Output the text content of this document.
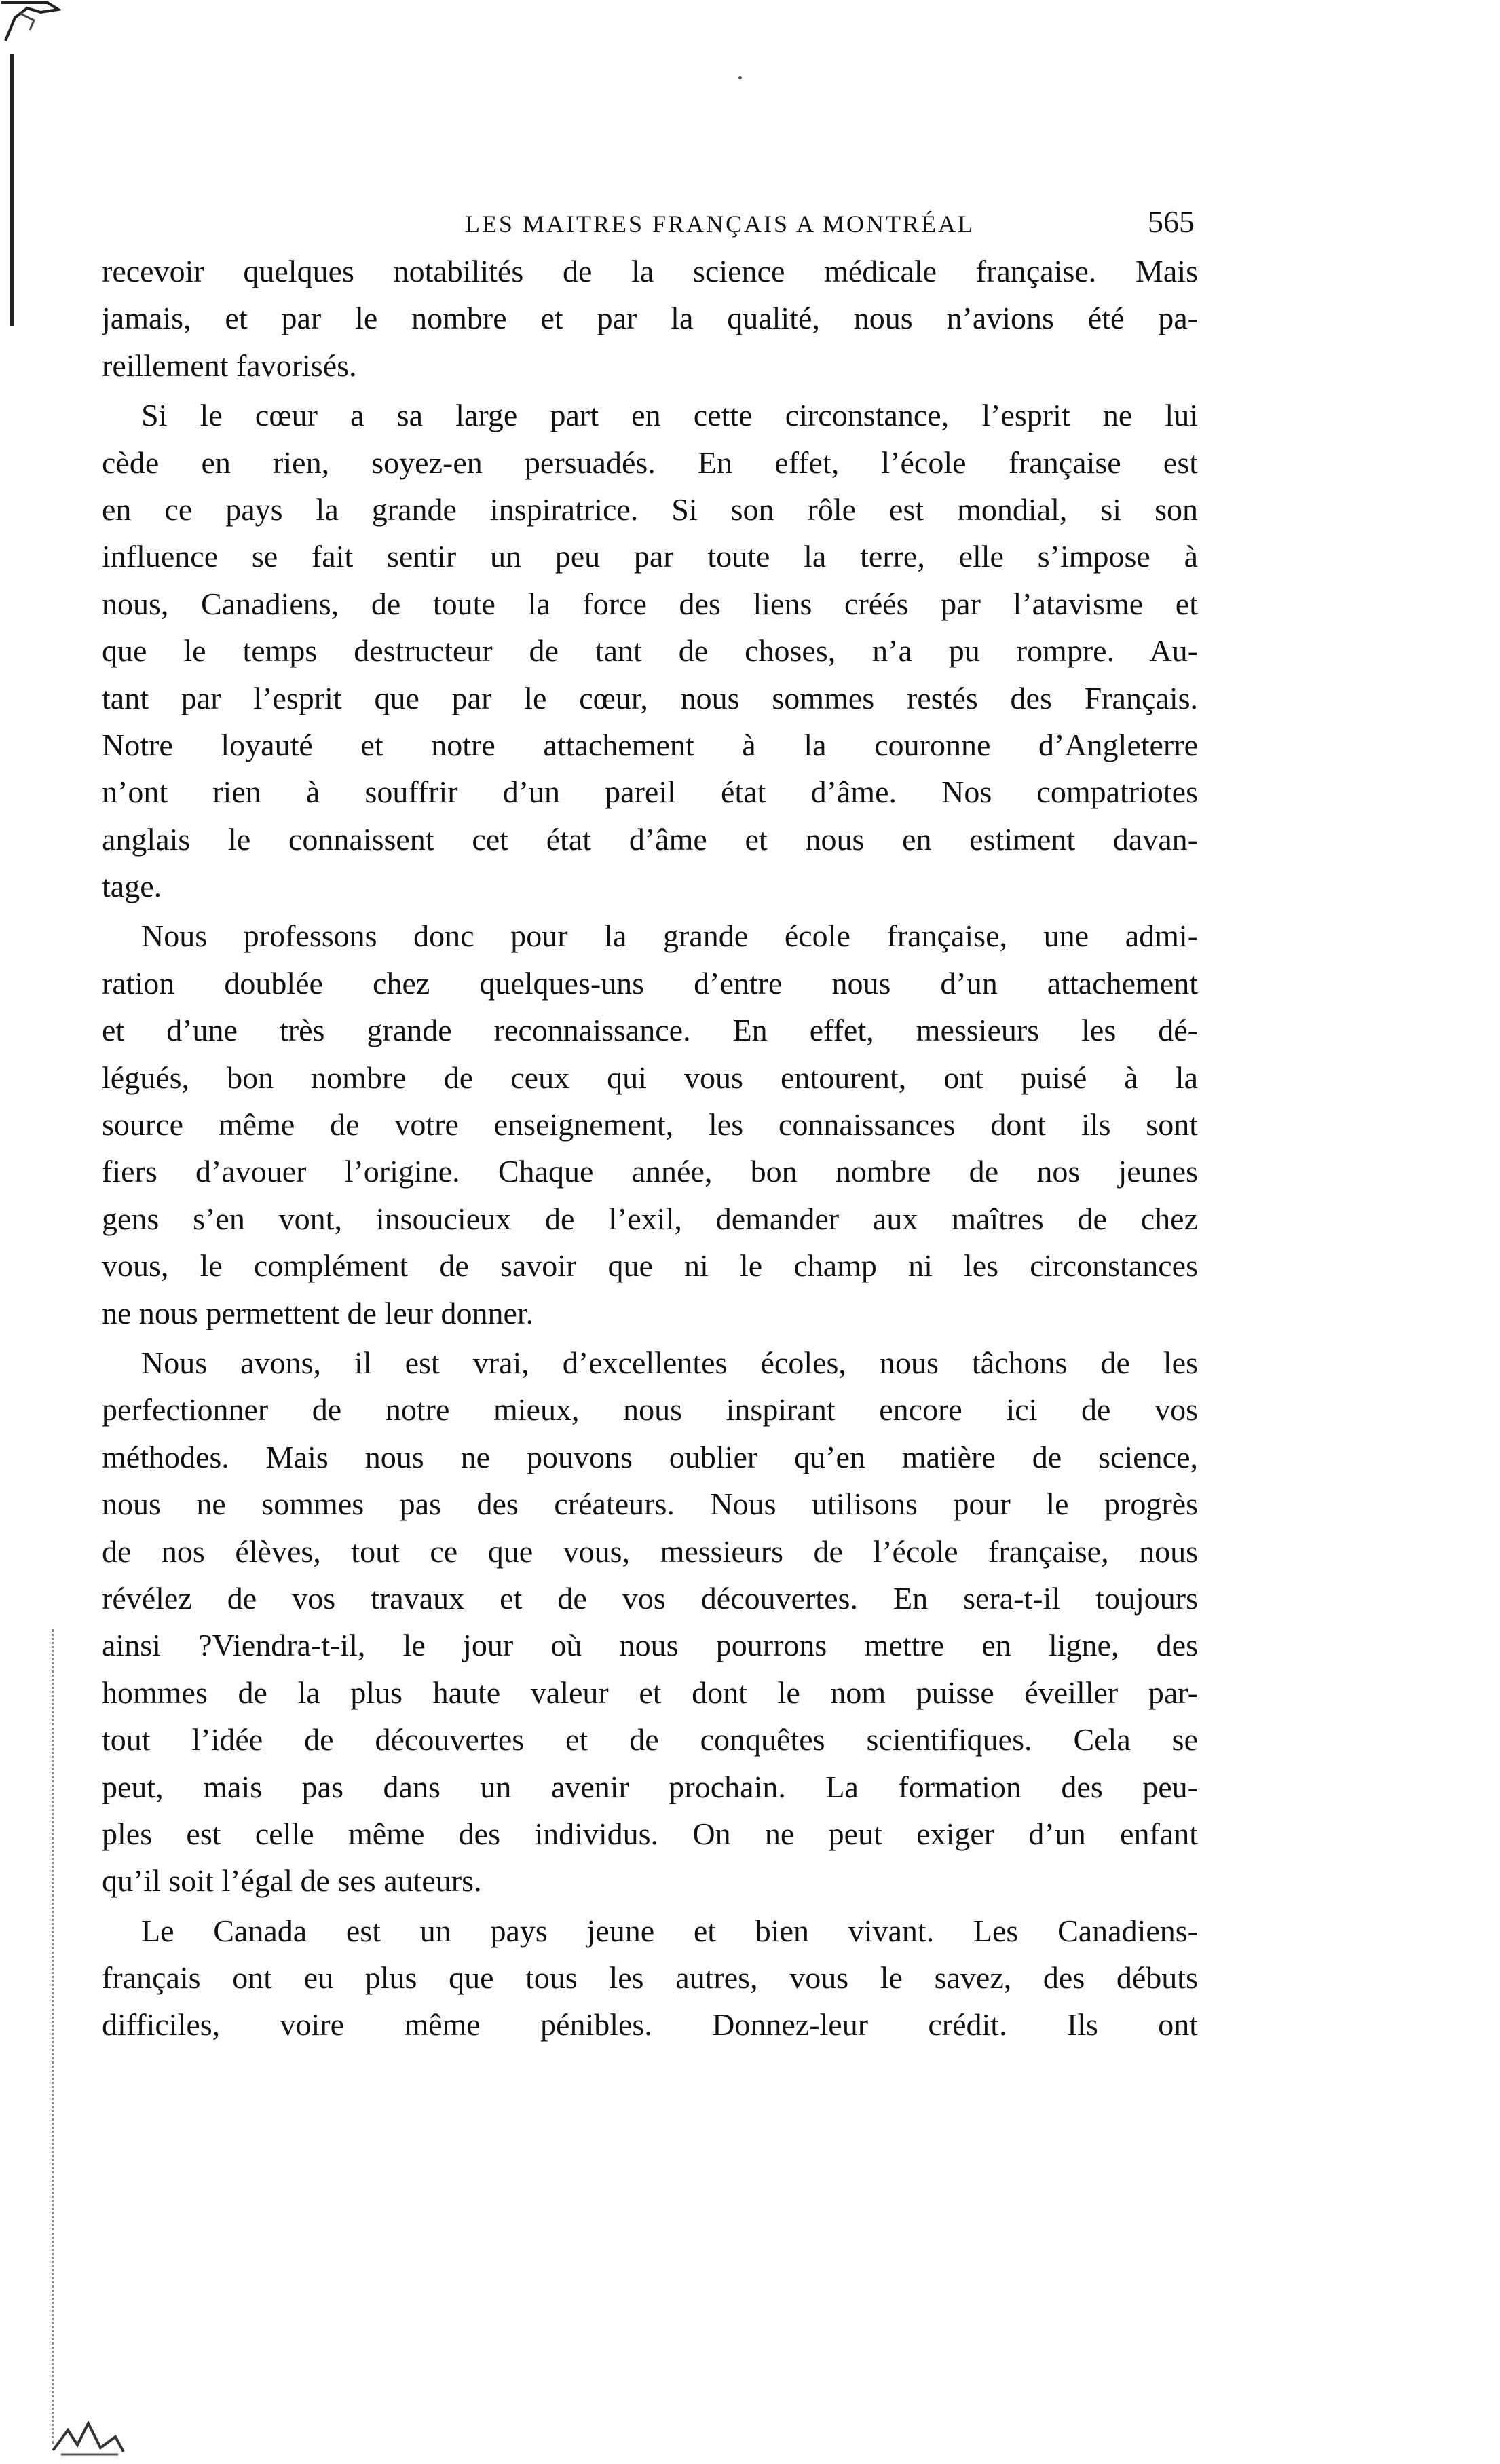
LES MAITRES FRANÇAIS A MONTRÉAL	565
recevoir quelques notabilités de la science médicale française. Mais
jamais, et par le nombre et par la qualité, nous n’avions été pa-
reillement favorisés.
Si le cœur a sa large part en cette circonstance, l’esprit ne lui
cède en rien, soyez-en persuadés. En effet, l’école française est
en ce pays la grande inspiratrice. Si son rôle est mondial, si son
influence se fait sentir un peu par toute la terre, elle s’impose à
nous, Canadiens, de toute la force des liens créés par l’atavisme et
que le temps destructeur de tant de choses, n’a pu rompre. Au-
tant par l’esprit que par le cœur, nous sommes restés des Français.
Notre loyauté et notre attachement à la couronne d’Angleterre
n’ont rien à souffrir d’un pareil état d’âme. Nos compatriotes
anglais le connaissent cet état d’âme et nous en estiment davan-
tage.
Nous professons donc pour la grande école française, une admi-
ration doublée chez quelques-uns d’entre nous d’un attachement
et d’une très grande reconnaissance. En effet, messieurs les dé-
légués, bon nombre de ceux qui vous entourent, ont puisé à la
source même de votre enseignement, les connaissances dont ils sont
fiers d’avouer l’origine. Chaque année, bon nombre de nos jeunes
gens s’en vont, insoucieux de l’exil, demander aux maîtres de chez
vous, le complément de savoir que ni le champ ni les circonstances
ne nous permettent de leur donner.
Nous avons, il est vrai, d’excellentes écoles, nous tâchons de les
perfectionner de notre mieux, nous inspirant encore ici de vos
méthodes. Mais nous ne pouvons oublier qu’en matière de science,
nous ne sommes pas des créateurs. Nous utilisons pour le progrès
de nos élèves, tout ce que vous, messieurs de l’école française, nous
révélez de vos travaux et de vos découvertes. En sera-t-il toujours
ainsi ?Viendra-t-il, le jour où nous pourrons mettre en ligne, des
hommes de la plus haute valeur et dont le nom puisse éveiller par-
tout l’idée de découvertes et de conquêtes scientifiques. Cela se
peut, mais pas dans un avenir prochain. La formation des peu-
ples est celle même des individus. On ne peut exiger d’un enfant
qu’il soit l’égal de ses auteurs.
Le Canada est un pays jeune et bien vivant. Les Canadiens-
français ont eu plus que tous les autres, vous le savez, des débuts
difficiles, voire même pénibles. Donnez-leur crédit. Ils ont
